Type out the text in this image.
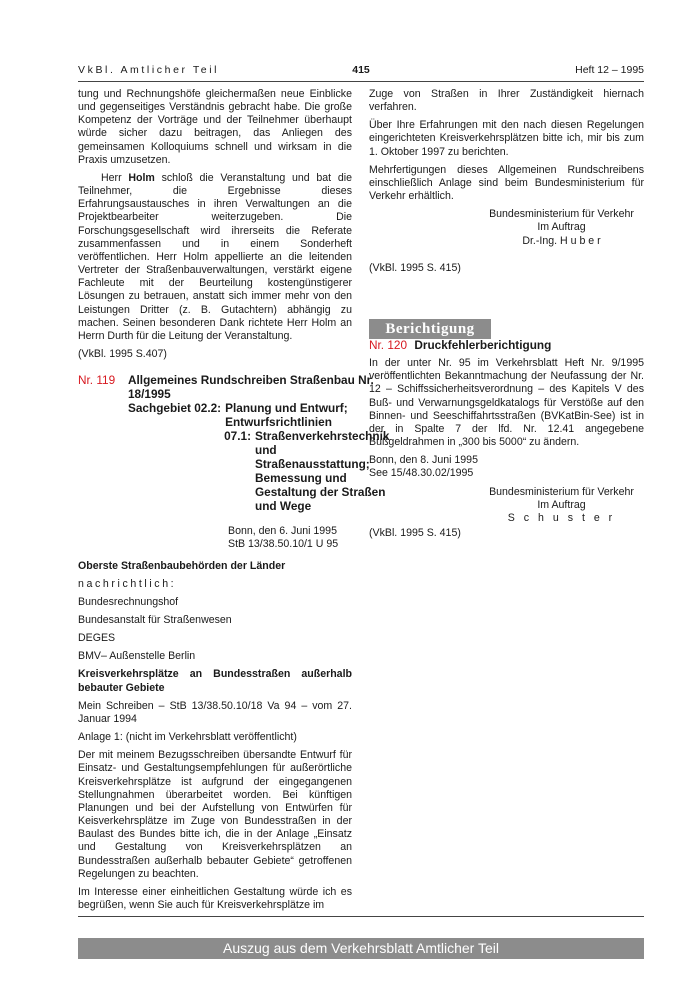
VkBl. Amtlicher Teil	415	Heft 12 – 1995

tung und Rechnungshöfe gleichermaßen neue Einblicke und gegenseitiges Verständnis gebracht habe. Die große Kompetenz der Vorträge und der Teilnehmer überhaupt würde sicher dazu beitragen, das Anliegen des gemeinsamen Kolloquiums schnell und wirksam in die Praxis umzusetzen.

Herr Holm schloß die Veranstaltung und bat die Teilnehmer, die Ergebnisse dieses Erfahrungsaustausches in ihren Verwaltungen an die Projektbearbeiter weiterzugeben. Die Forschungsgesellschaft wird ihrerseits die Referate zusammenfassen und in einem Sonderheft veröffentlichen. Herr Holm appellierte an die leitenden Vertreter der Straßenbauverwaltungen, verstärkt eigene Fachleute mit der Beurteilung kostengünstigerer Lösungen zu betrauen, anstatt sich immer mehr von den Leistungen Dritter (z. B. Gutachtern) abhängig zu machen. Seinen besonderen Dank richtete Herr Holm an Herrn Durth für die Leitung der Veranstaltung.

(VkBl. 1995 S.407)

Nr. 119	Allgemeines Rundschreiben Straßenbau Nr. 18/1995
Sachgebiet 02.2: Planung und Entwurf; Entwurfsrichtlinien
07.1: Straßenverkehrstechnik und Straßenausstattung; Bemessung und Gestaltung der Straßen und Wege
Bonn, den 6. Juni 1995
StB 13/38.50.10/1 U 95

Oberste Straßenbaubehörden der Länder

nachrichtlich:

Bundesrechnungshof

Bundesanstalt für Straßenwesen

DEGES

BMV– Außenstelle Berlin

Kreisverkehrsplätze an Bundesstraßen außerhalb bebauter Gebiete

Mein Schreiben – StB 13/38.50.10/18 Va 94 – vom 27. Januar 1994

Anlage 1: (nicht im Verkehrsblatt veröffentlicht)

Der mit meinem Bezugsschreiben übersandte Entwurf für Einsatz- und Gestaltungsempfehlungen für außerörtliche Kreisverkehrsplätze ist aufgrund der eingegangenen Stellungnahmen überarbeitet worden. Bei künftigen Planungen und bei der Aufstellung von Entwürfen für Keisverkehrsplätze im Zuge von Bundesstraßen in der Baulast des Bundes bitte ich, die in der Anlage „Einsatz und Gestaltung von Kreisverkehrsplätzen an Bundesstraßen außerhalb bebauter Gebiete“ getroffenen Regelungen zu beachten.

Im Interesse einer einheitlichen Gestaltung würde ich es begrüßen, wenn Sie auch für Kreisverkehrsplätze im

Zuge von Straßen in Ihrer Zuständigkeit hiernach verfahren.

Über Ihre Erfahrungen mit den nach diesen Regelungen eingerichteten Kreisverkehrsplätzen bitte ich, mir bis zum 1. Oktober 1997 zu berichten.

Mehrfertigungen dieses Allgemeinen Rundschreibens einschließlich Anlage sind beim Bundesministerium für Verkehr erhältlich.

Bundesministerium für Verkehr
Im Auftrag
Dr.-Ing. H u b e r

(VkBl. 1995 S. 415)

Berichtigung

Nr. 120 Druckfehlerberichtigung

In der unter Nr. 95 im Verkehrsblatt Heft Nr. 9/1995 veröffentlichten Bekanntmachung der Neufassung der Nr. 12 – Schiffssicherheitsverordnung – des Kapitels V des Buß- und Verwarnungsgeldkatalogs für Verstöße auf den Binnen- und Seeschiffahrtsstraßen (BVKatBin-See) ist in der in Spalte 7 der lfd. Nr. 12.41 angegebene Bußgeldrahmen in „300 bis 5000“ zu ändern.

Bonn, den 8. Juni 1995

See 15/48.30.02/1995

Bundesministerium für Verkehr
Im Auftrag
S c h u s t e r

(VkBl. 1995 S. 415)

Auszug aus dem Verkehrsblatt Amtlicher Teil
